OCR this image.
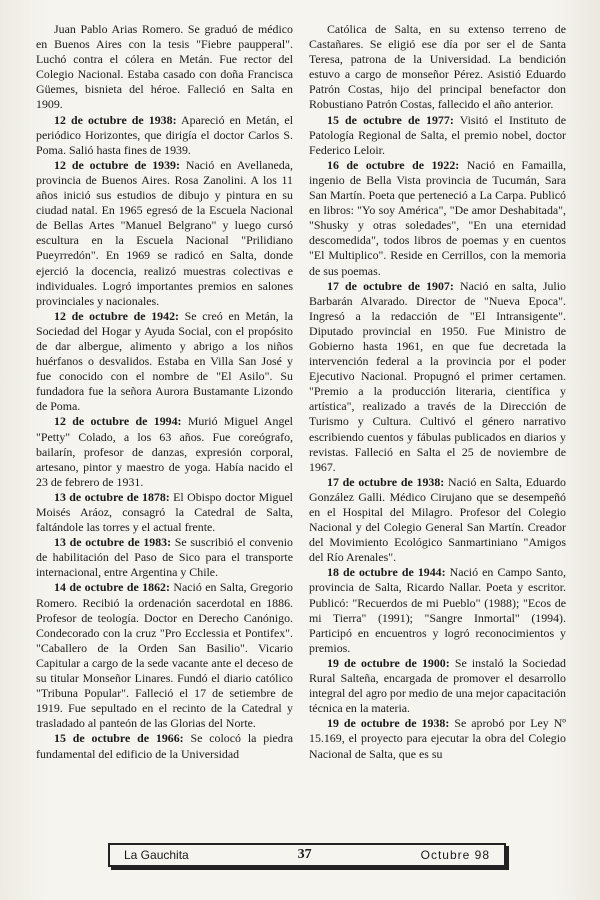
Juan Pablo Arias Romero. Se graduó de médico en Buenos Aires con la tesis "Fiebre paupperal". Luchó contra el cólera en Metán. Fue rector del Colegio Nacional. Estaba casado con doña Francisca Güemes, bisnieta del héroe. Falleció en Salta en 1909.

12 de octubre de 1938: Apareció en Metán, el periódico Horizontes, que dirigía el doctor Carlos S. Poma. Salió hasta fines de 1939.

12 de octubre de 1939: Nació en Avellaneda, provincia de Buenos Aires. Rosa Zanolini. A los 11 años inició sus estudios de dibujo y pintura en su ciudad natal. En 1965 egresó de la Escuela Nacional de Bellas Artes "Manuel Belgrano" y luego cursó escultura en la Escuela Nacional "Prilidiano Pueyrredón". En 1969 se radicó en Salta, donde ejerció la docencia, realizó muestras colectivas e individuales. Logró importantes premios en salones provinciales y nacionales.

12 de octubre de 1942: Se creó en Metán, la Sociedad del Hogar y Ayuda Social, con el propósito de dar albergue, alimento y abrigo a los niños huérfanos o desvalidos. Estaba en Villa San José y fue conocido con el nombre de "El Asilo". Su fundadora fue la señora Aurora Bustamante Lizondo de Poma.

12 de octubre de 1994: Murió Miguel Angel "Petty" Colado, a los 63 años. Fue coreógrafo, bailarín, profesor de danzas, expresión corporal, artesano, pintor y maestro de yoga. Había nacido el 23 de febrero de 1931.

13 de octubre de 1878: El Obispo doctor Miguel Moisés Aráoz, consagró la Catedral de Salta, faltándole las torres y el actual frente.

13 de octubre de 1983: Se suscribió el convenio de habilitación del Paso de Sico para el transporte internacional, entre Argentina y Chile.

14 de octubre de 1862: Nació en Salta, Gregorio Romero. Recibió la ordenación sacerdotal en 1886. Profesor de teología. Doctor en Derecho Canónigo. Condecorado con la cruz "Pro Ecclessia et Pontifex". "Caballero de la Orden San Basilio". Vicario Capitular a cargo de la sede vacante ante el deceso de su titular Monseñor Linares. Fundó el diario católico "Tribuna Popular". Falleció el 17 de setiembre de 1919. Fue sepultado en el recinto de la Catedral y trasladado al panteón de las Glorias del Norte.

15 de octubre de 1966: Se colocó la piedra fundamental del edificio de la Universidad

Católica de Salta, en su extenso terreno de Castañares. Se eligió ese día por ser el de Santa Teresa, patrona de la Universidad. La bendición estuvo a cargo de monseñor Pérez. Asistió Eduardo Patrón Costas, hijo del principal benefactor don Robustiano Patrón Costas, fallecido el año anterior.

15 de octubre de 1977: Visitó el Instituto de Patología Regional de Salta, el premio nobel, doctor Federico Leloir.

16 de octubre de 1922: Nació en Famailla, ingenio de Bella Vista provincia de Tucumán, Sara San Martín. Poeta que perteneció a La Carpa. Publicó en libros: "Yo soy América", "De amor Deshabitada", "Shusky y otras soledades", "En una eternidad descomedida", todos libros de poemas y en cuentos "El Multiplico". Reside en Cerrillos, con la memoria de sus poemas.

17 de octubre de 1907: Nació en salta, Julio Barbarán Alvarado. Director de "Nueva Epoca". Ingresó a la redacción de "El Intransigente". Diputado provincial en 1950. Fue Ministro de Gobierno hasta 1961, en que fue decretada la intervención federal a la provincia por el poder Ejecutivo Nacional. Propugnó el primer certamen. "Premio a la producción literaria, científica y artística", realizado a través de la Dirección de Turismo y Cultura. Cultivó el género narrativo escribiendo cuentos y fábulas publicados en diarios y revistas. Falleció en Salta el 25 de noviembre de 1967.

17 de octubre de 1938: Nació en Salta, Eduardo González Galli. Médico Cirujano que se desempeñó en el Hospital del Milagro. Profesor del Colegio Nacional y del Colegio General San Martín. Creador del Movimiento Ecológico Sanmartiniano "Amigos del Río Arenales".

18 de octubre de 1944: Nació en Campo Santo, provincia de Salta, Ricardo Nallar. Poeta y escritor. Publicó: "Recuerdos de mi Pueblo" (1988); "Ecos de mi Tierra" (1991); "Sangre Inmortal" (1994). Participó en encuentros y logró reconocimientos y premios.

19 de octubre de 1900: Se instaló la Sociedad Rural Salteña, encargada de promover el desarrollo integral del agro por medio de una mejor capacitación técnica en la materia.

19 de octubre de 1938: Se aprobó por Ley Nº 15.169, el proyecto para ejecutar la obra del Colegio Nacional de Salta, que es su

La Gauchita	37	Octubre 98
